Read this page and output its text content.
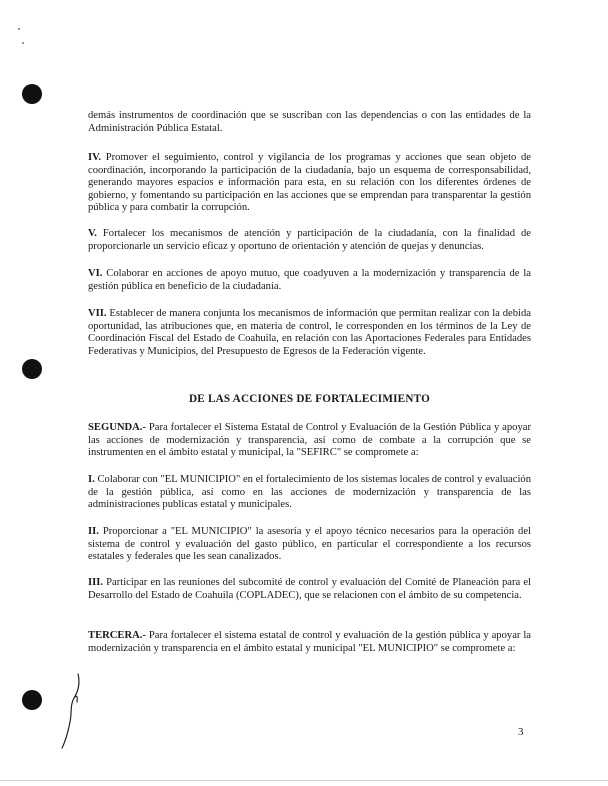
demás instrumentos de coordinación que se suscriban con las dependencias o con las entidades de la Administración Pública Estatal.

IV. Promover el seguimiento, control y vigilancia de los programas y acciones que sean objeto de coordinación, incorporando la participación de la ciudadanía, bajo un esquema de corresponsabilidad, generando mayores espacios e información para esta, en su relación con los diferentes órdenes de gobierno, y fomentando su participación en las acciones que se emprendan para transparentar la gestión pública y para combatir la corrupción.

V. Fortalecer los mecanismos de atención y participación de la ciudadanía, con la finalidad de proporcionarle un servicio eficaz y oportuno de orientación y atención de quejas y denuncias.

VI. Colaborar en acciones de apoyo mutuo, que coadyuven a la modernización y transparencia de la gestión pública en beneficio de la ciudadanía.

VII. Establecer de manera conjunta los mecanismos de información que permitan realizar con la debida oportunidad, las atribuciones que, en materia de control, le corresponden en los términos de la Ley de Coordinación Fiscal del Estado de Coahuila, en relación con las Aportaciones Federales para Entidades Federativas y Municipios, del Presupuesto de Egresos de la Federación vigente.

DE LAS ACCIONES DE FORTALECIMIENTO

SEGUNDA.- Para fortalecer el Sistema Estatal de Control y Evaluación de la Gestión Pública y apoyar las acciones de modernización y transparencia, así como de combate a la corrupción que se instrumenten en el ámbito estatal y municipal, la "SEFIRC" se compromete a:

I. Colaborar con "EL MUNICIPIO" en el fortalecimiento de los sistemas locales de control y evaluación de la gestión pública, así como en las acciones de modernización y transparencia de las administraciones publicas estatal y municipales.

II. Proporcionar a "EL MUNICIPIO" la asesoría y el apoyo técnico necesarios para la operación del sistema de control y evaluación del gasto público, en particular el correspondiente a los recursos estatales y federales que les sean canalizados.

III. Participar en las reuniones del subcomité de control y evaluación del Comité de Planeación para el Desarrollo del Estado de Coahuila (COPLADEC), que se relacionen con el ámbito de su competencia.

TERCERA.- Para fortalecer el sistema estatal de control y evaluación de la gestión pública y apoyar la modernización y transparencia en el ámbito estatal y municipal "EL MUNICIPIO" se compromete a:

3
